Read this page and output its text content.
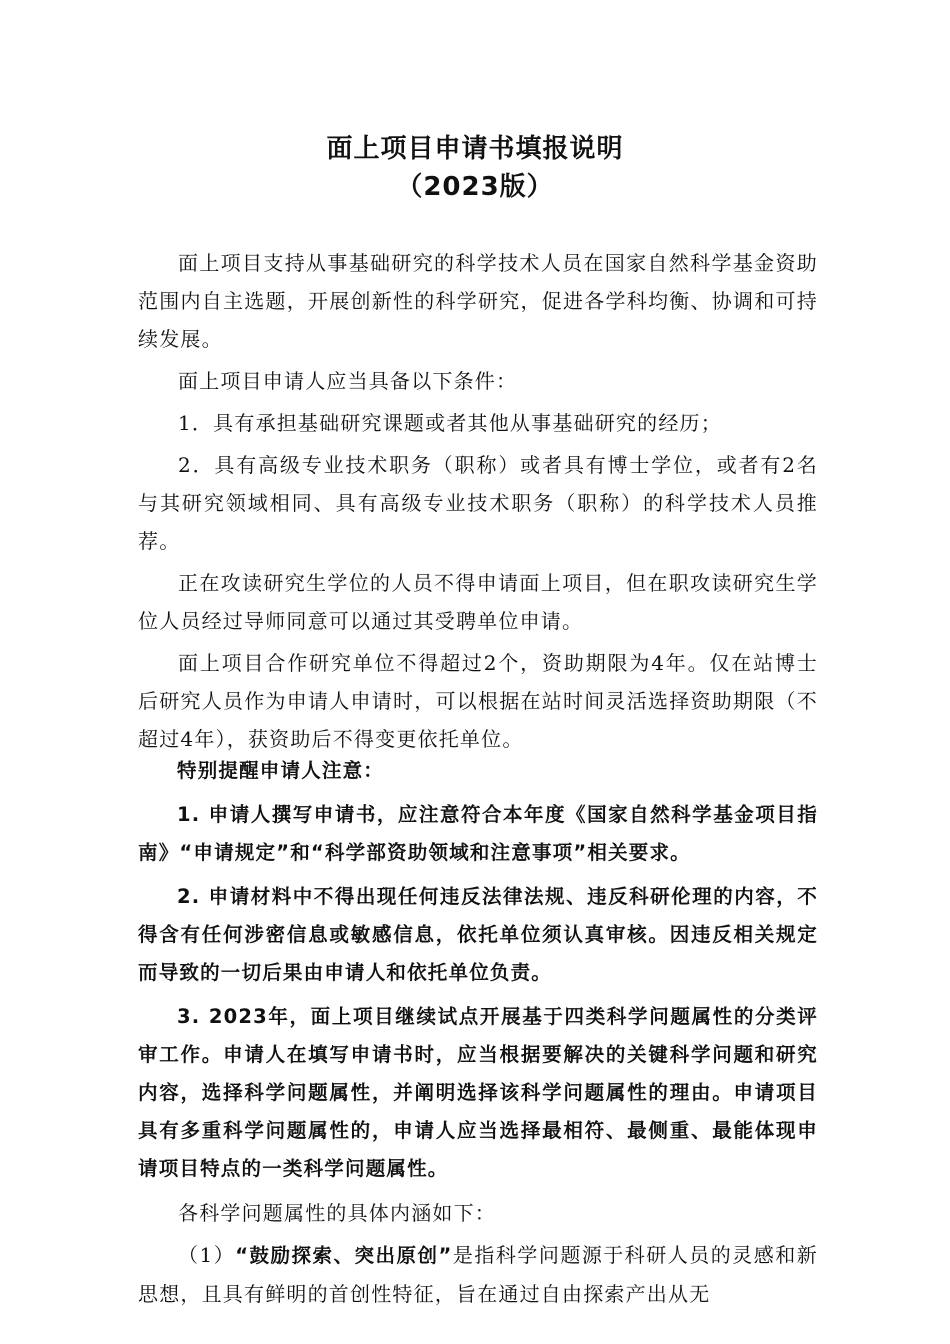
面上项目申请书填报说明
（2023版）

面上项目支持从事基础研究的科学技术人员在国家自然科学基金资助范围内自主选题，开展创新性的科学研究，促进各学科均衡、协调和可持续发展。

面上项目申请人应当具备以下条件：

1．具有承担基础研究课题或者其他从事基础研究的经历；

2．具有高级专业技术职务（职称）或者具有博士学位，或者有2名与其研究领域相同、具有高级专业技术职务（职称）的科学技术人员推荐。

正在攻读研究生学位的人员不得申请面上项目，但在职攻读研究生学位人员经过导师同意可以通过其受聘单位申请。

面上项目合作研究单位不得超过2个，资助期限为4年。仅在站博士后研究人员作为申请人申请时，可以根据在站时间灵活选择资助期限（不超过4年），获资助后不得变更依托单位。

特别提醒申请人注意：

1. 申请人撰写申请书，应注意符合本年度《国家自然科学基金项目指南》“申请规定”和“科学部资助领域和注意事项”相关要求。

2. 申请材料中不得出现任何违反法律法规、违反科研伦理的内容，不得含有任何涉密信息或敏感信息，依托单位须认真审核。因违反相关规定而导致的一切后果由申请人和依托单位负责。

3. 2023年，面上项目继续试点开展基于四类科学问题属性的分类评审工作。申请人在填写申请书时，应当根据要解决的关键科学问题和研究内容，选择科学问题属性，并阐明选择该科学问题属性的理由。申请项目具有多重科学问题属性的，申请人应当选择最相符、最侧重、最能体现申请项目特点的一类科学问题属性。

各科学问题属性的具体内涵如下：

（1）“鼓励探索、突出原创”是指科学问题源于科研人员的灵感和新思想，且具有鲜明的首创性特征，旨在通过自由探索产出从无
